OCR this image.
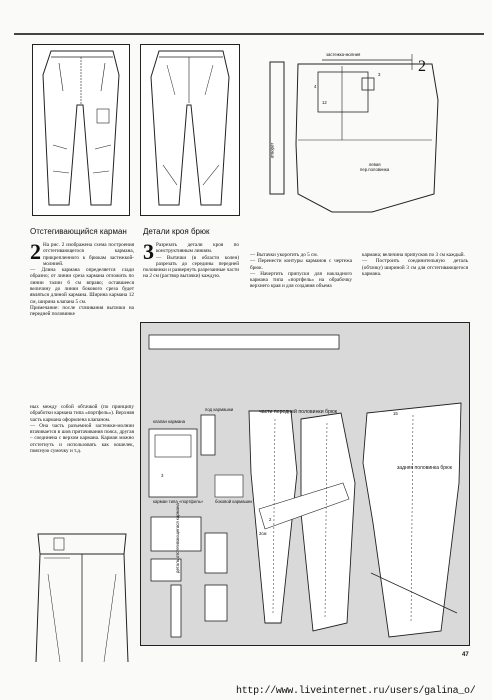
2
застежка-молния
левая
пер.половинка
отворот
4
12
3
Отстегивающийся карман Детали кроя брюк
2 На рис. 2 изображена схема построения отстегивающегося кармана, прикрепленного к брюкам застежкой-молнией.
— Длина кармана определяется сзади образно; от линии среза кармана отложить по линии талии 6 см вправо; оставшееся величину до линии бокового среза будет являться длиной кармана. Ширина кармана 12 см, ширина клапана 5 см.
Примечание: после стачивания вытачки на передней половинке
ных между собой обтачкой (по принципу обработки кармана типа «портфель»). Верхняя часть кармана оформлена клапаном.
— Она часть разъемной застежки-молнии втачивается в шов притачивания пояса, другая – соединена с верхом кармана. Карман можно отстегнуть и использовать как кошелек, поясную сумочку и т.д.
3 Разрезать детали кроя по конструктивным линиям.
— Вытачки (в области колен) разрезать до середины передней половинки и развернуть разрезанные части на 2 см (раствор вытачки) каждую.
— Вытачки укоротить до 5 см.
— Перенести контуры карманов с чертежа брюк.
— Начертить припуски для накладного кармана типа «портфель» на обрабочку верхнего края и для создания объема
кармана; величина припусков по 3 см каждый.
— Построить соединительную деталь (обтачку) шириной 3 см для отстегивающегося кармана.
клапан кармана
под кармашки	части передней половинки брюк
задняя половинка брюк
боковой кармашек
карман типа «портфель»
деталь отстегивающегося кармана
15
3
2
2см
47
http://www.liveinternet.ru/users/galina_o/
